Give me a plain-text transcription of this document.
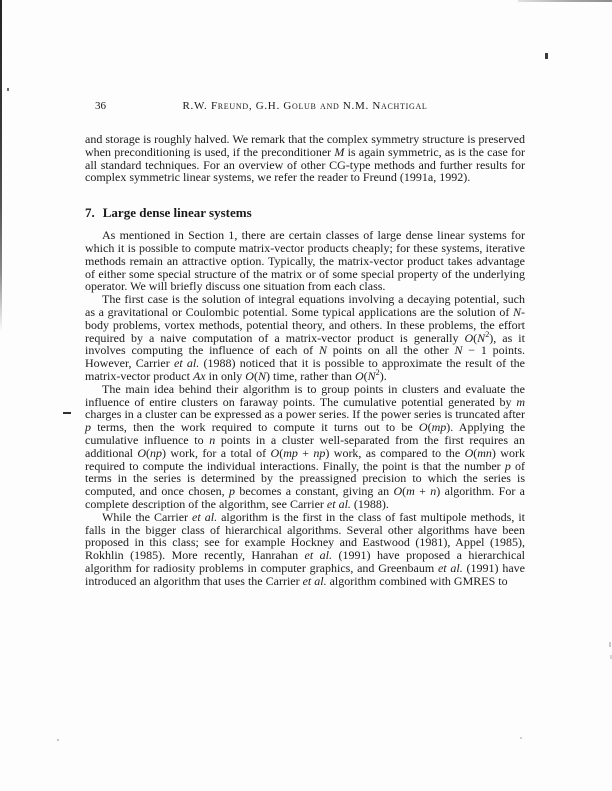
36	R.W. Freund, G.H. Golub and N.M. Nachtigal

and storage is roughly halved. We remark that the complex symmetry structure is preserved when preconditioning is used, if the preconditioner M is again symmetric, as is the case for all standard techniques. For an overview of other CG-type methods and further results for complex symmetric linear systems, we refer the reader to Freund (1991a, 1992).

7. Large dense linear systems

As mentioned in Section 1, there are certain classes of large dense linear systems for which it is possible to compute matrix-vector products cheaply; for these systems, iterative methods remain an attractive option. Typically, the matrix-vector product takes advantage of either some special structure of the matrix or of some special property of the underlying operator. We will briefly discuss one situation from each class.

The first case is the solution of integral equations involving a decaying potential, such as a gravitational or Coulombic potential. Some typical applications are the solution of N-body problems, vortex methods, potential theory, and others. In these problems, the effort required by a naive computation of a matrix-vector product is generally $O(N^2)$, as it involves computing the influence of each of N points on all the other N − 1 points. However, Carrier et al. (1988) noticed that it is possible to approximate the result of the matrix-vector product Ax in only O(N) time, rather than $O(N^2)$.

The main idea behind their algorithm is to group points in clusters and evaluate the influence of entire clusters on faraway points. The cumulative potential generated by m charges in a cluster can be expressed as a power series. If the power series is truncated after p terms, then the work required to compute it turns out to be O(mp). Applying the cumulative influence to n points in a cluster well-separated from the first requires an additional O(np) work, for a total of O(mp + np) work, as compared to the O(mn) work required to compute the individual interactions. Finally, the point is that the number p of terms in the series is determined by the preassigned precision to which the series is computed, and once chosen, p becomes a constant, giving an O(m + n) algorithm. For a complete description of the algorithm, see Carrier et al. (1988).

While the Carrier et al. algorithm is the first in the class of fast multipole methods, it falls in the bigger class of hierarchical algorithms. Several other algorithms have been proposed in this class; see for example Hockney and Eastwood (1981), Appel (1985), Rokhlin (1985). More recently, Hanrahan et al. (1991) have proposed a hierarchical algorithm for radiosity problems in computer graphics, and Greenbaum et al. (1991) have introduced an algorithm that uses the Carrier et al. algorithm combined with GMRES to
